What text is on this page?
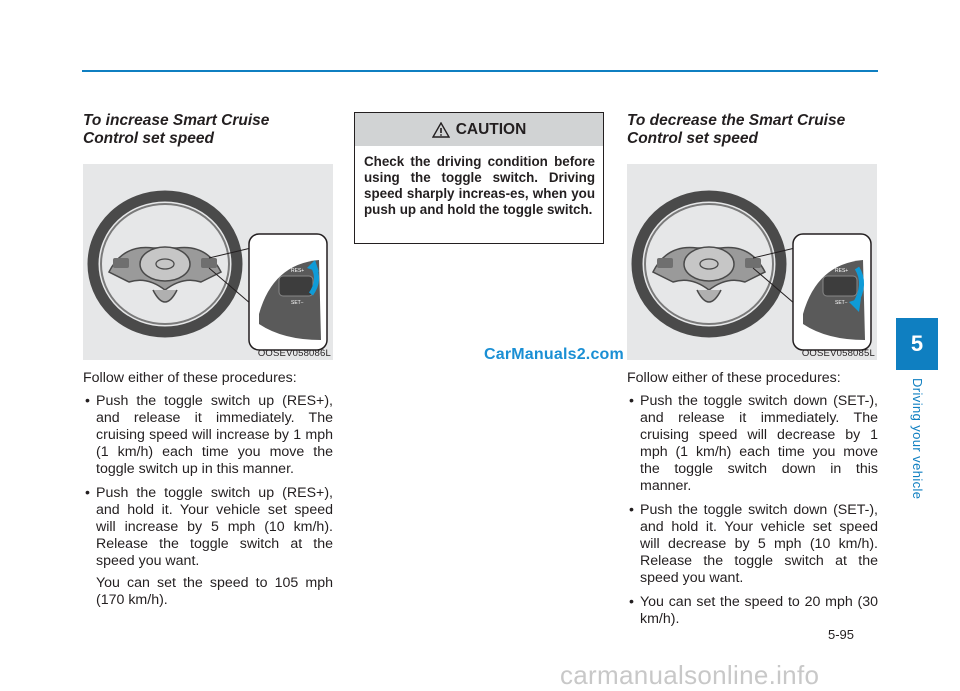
To increase Smart Cruise
Control set speed

RES+
SET−
OOSEV058086L
Follow either of these procedures:
• Push the toggle switch up (RES+), and release it immediately. The cruising speed will increase by 1 mph (1 km/h) each time you move the toggle switch up in this manner.
• Push the toggle switch up (RES+), and hold it. Your vehicle set speed will increase by 5 mph (10 km/h). Release the toggle switch at the speed you want.
You can set the speed to 105 mph (170 km/h).
CAUTION
Check the driving condition before using the toggle switch. Driving speed sharply increas-es, when you push up and hold the toggle switch.
CarManuals2.com

To decrease the Smart Cruise
Control set speed

RES+
SET−
OOSEV058085L
Follow either of these procedures:
• Push the toggle switch down (SET-), and release it immediately. The cruising speed will decrease by 1 mph (1 km/h) each time you move the toggle switch down in this manner.
• Push the toggle switch down (SET-), and hold it. Your vehicle set speed will decrease by 5 mph (10 km/h). Release the toggle switch at the speed you want.
• You can set the speed to 20 mph (30 km/h).
5
Driving your vehicle
5-95
carmanualsonline.info
